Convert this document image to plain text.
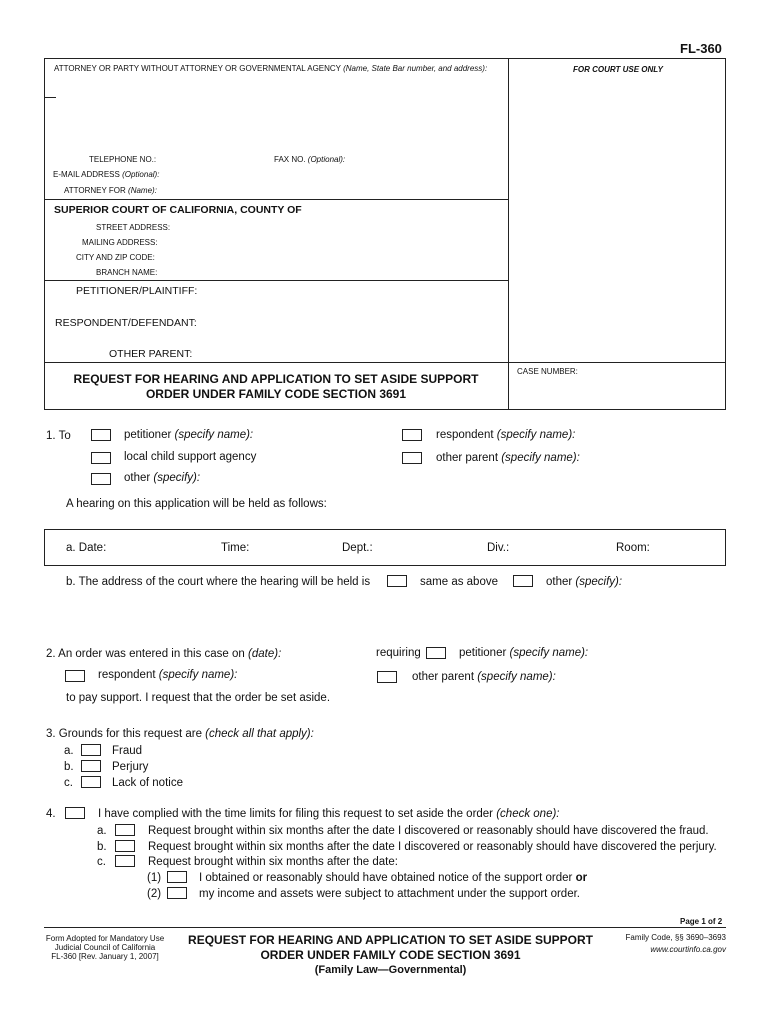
FL-360
ATTORNEY OR PARTY WITHOUT ATTORNEY OR GOVERNMENTAL AGENCY (Name, State Bar number, and address):	FOR COURT USE ONLY
TELEPHONE NO.:	FAX NO. (Optional):
E-MAIL ADDRESS (Optional):
ATTORNEY FOR (Name):
SUPERIOR COURT OF CALIFORNIA, COUNTY OF
STREET ADDRESS:
MAILING ADDRESS:
CITY AND ZIP CODE:
BRANCH NAME:
PETITIONER/PLAINTIFF:
RESPONDENT/DEFENDANT:
OTHER PARENT:
REQUEST FOR HEARING AND APPLICATION TO SET ASIDE SUPPORT
ORDER UNDER FAMILY CODE SECTION 3691
CASE NUMBER:
1. To	petitioner (specify name):	respondent (specify name):
local child support agency	other parent (specify name):
other (specify):
A hearing on this application will be held as follows:
a. Date:	Time:	Dept.:	Div.:	Room:
b. The address of the court where the hearing will be held is	same as above	other (specify):
2. An order was entered in this case on (date):	requiring	petitioner (specify name):
respondent (specify name):	other parent (specify name):
to pay support. I request that the order be set aside.
3. Grounds for this request are (check all that apply):
a.	Fraud
b.	Perjury
c.	Lack of notice
4.	I have complied with the time limits for filing this request to set aside the order (check one):
a.	Request brought within six months after the date I discovered or reasonably should have discovered the fraud.
b.	Request brought within six months after the date I discovered or reasonably should have discovered the perjury.
c.	Request brought within six months after the date:
(1)	I obtained or reasonably should have obtained notice of the support order or
(2)	my income and assets were subject to attachment under the support order.
Page 1 of 2
Form Adopted for Mandatory Use
Judicial Council of California
FL-360 [Rev. January 1, 2007]
REQUEST FOR HEARING AND APPLICATION TO SET ASIDE SUPPORT
ORDER UNDER FAMILY CODE SECTION 3691
(Family Law—Governmental)
Family Code, §§ 3690–3693
www.courtinfo.ca.gov
